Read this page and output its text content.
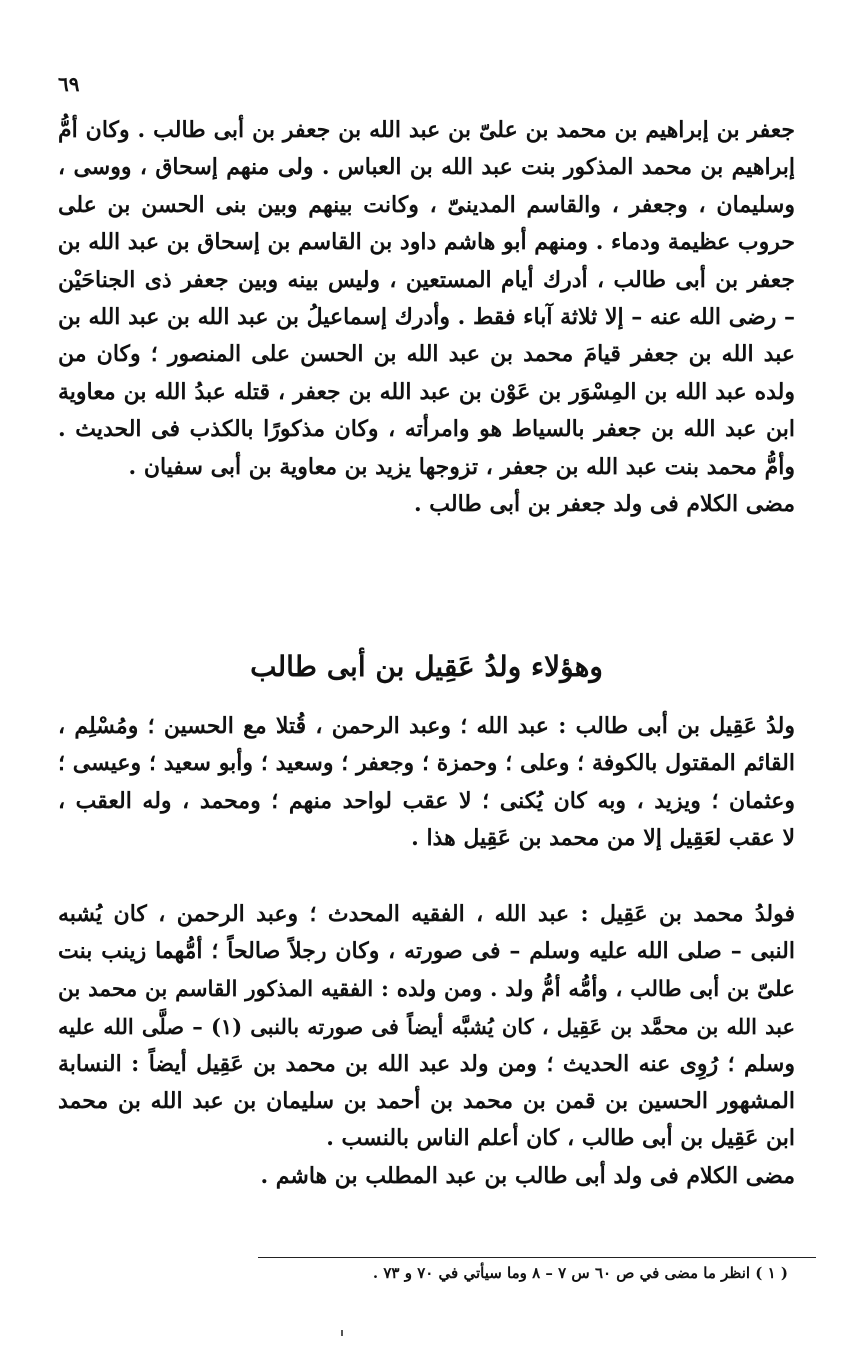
٦٩
جعفر بن إبراهيم بن محمد بن علىّ بن عبد الله بن جعفر بن أبى طالب . وكان أمُّ
إبراهيم بن محمد المذكور بنت عبد الله بن العباس . ولى منهم إسحاق ، ووسى ،
وسليمان ، وجعفر ، والقاسم المدينىّ ، وكانت بينهم وبين بنى الحسن بن على
حروب عظيمة ودماء . ومنهم أبو هاشم داود بن القاسم بن إسحاق بن عبد الله بن
جعفر بن أبى طالب ، أدرك أيام المستعين ، وليس بينه وبين جعفر ذى الجناحَيْن
– رضى الله عنه – إلا ثلاثة آباء فقط . وأدرك إسماعيلُ بن عبد الله بن عبد الله بن
عبد الله بن جعفر قيامَ محمد بن عبد الله بن الحسن على المنصور ؛ وكان من
ولده عبد الله بن المِسْوَر بن عَوْن بن عبد الله بن جعفر ، قتله عبدُ الله بن معاوية
ابن عبد الله بن جعفر بالسياط هو وامرأته ، وكان مذكورًا بالكذب فى الحديث .
وأمُّ محمد بنت عبد الله بن جعفر ، تزوجها يزيد بن معاوية بن أبى سفيان .
مضى الكلام فى ولد جعفر بن أبى طالب .
وهؤلاء ولدُ عَقِيل بن أبى طالب
ولدُ عَقِيل بن أبى طالب : عبد الله ؛ وعبد الرحمن ، قُتلا مع الحسين ؛ ومُسْلِم ،
القائم المقتول بالكوفة ؛ وعلى ؛ وحمزة ؛ وجعفر ؛ وسعيد ؛ وأبو سعيد ؛ وعيسى ؛
وعثمان ؛ ويزيد ، وبه كان يُكنى ؛ لا عقب لواحد منهم ؛ ومحمد ، وله العقب ،
لا عقب لعَقِيل إلا من محمد بن عَقِيل هذا .
فولدُ محمد بن عَقِيل : عبد الله ، الفقيه المحدث ؛ وعبد الرحمن ، كان يُشبه
النبى – صلى الله عليه وسلم – فى صورته ، وكان رجلاً صالحاً ؛ أمُّهما زينب بنت
علىّ بن أبى طالب ، وأمُّه أمُّ ولد . ومن ولده : الفقيه المذكور القاسم بن محمد بن
عبد الله بن محمَّد بن عَقِيل ، كان يُشبَّه أيضاً فى صورته بالنبى (١) – صلَّى الله عليه
وسلم ؛ رُوِى عنه الحديث ؛ ومن ولد عبد الله بن محمد بن عَقِيل أيضاً : النسابة
المشهور الحسين بن قمن بن محمد بن أحمد بن سليمان بن عبد الله بن محمد
ابن عَقِيل بن أبى طالب ، كان أعلم الناس بالنسب .
مضى الكلام فى ولد أبى طالب بن عبد المطلب بن هاشم .
( ١ ) انظر ما مضى في ص ٦٠ س ٧ – ٨ وما سيأتي في ٧٠ و ٧٣ .
